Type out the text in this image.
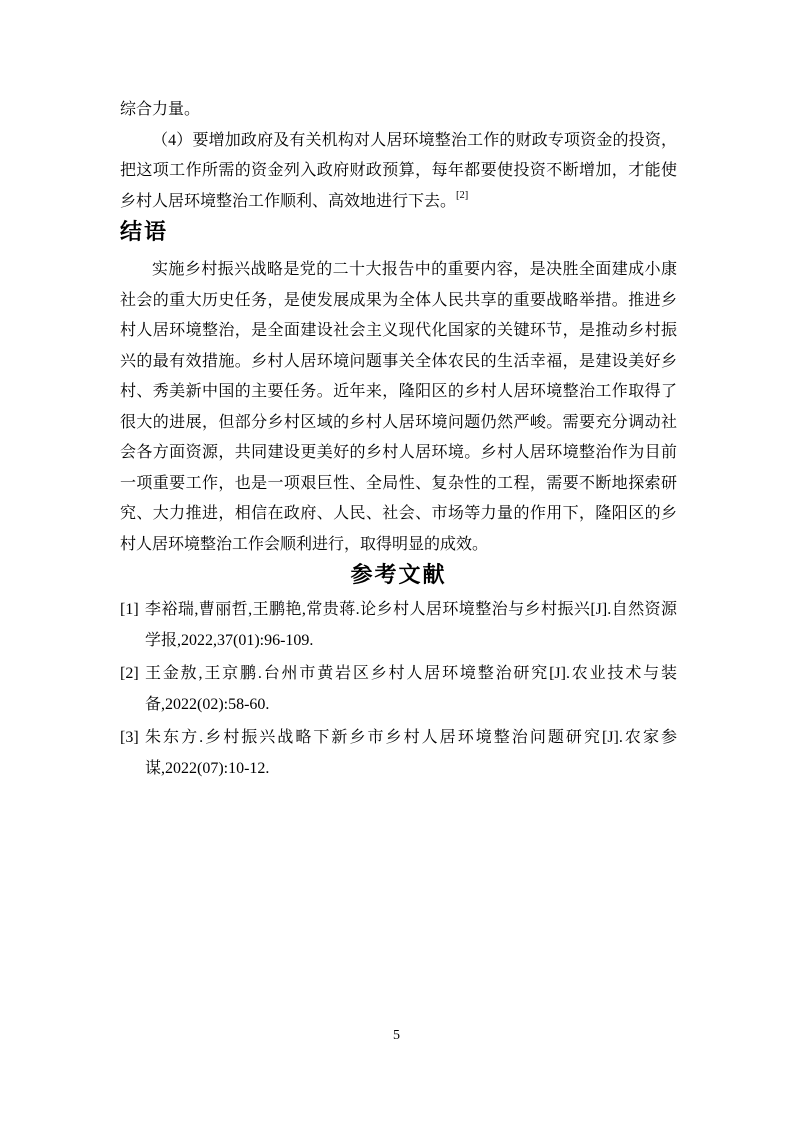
综合力量。

（4）要增加政府及有关机构对人居环境整治工作的财政专项资金的投资，把这项工作所需的资金列入政府财政预算，每年都要使投资不断增加，才能使乡村人居环境整治工作顺利、高效地进行下去。[2]

结语

实施乡村振兴战略是党的二十大报告中的重要内容，是决胜全面建成小康社会的重大历史任务，是使发展成果为全体人民共享的重要战略举措。推进乡村人居环境整治，是全面建设社会主义现代化国家的关键环节，是推动乡村振兴的最有效措施。乡村人居环境问题事关全体农民的生活幸福，是建设美好乡村、秀美新中国的主要任务。近年来，隆阳区的乡村人居环境整治工作取得了很大的进展，但部分乡村区域的乡村人居环境问题仍然严峻。需要充分调动社会各方面资源，共同建设更美好的乡村人居环境。乡村人居环境整治作为目前一项重要工作，也是一项艰巨性、全局性、复杂性的工程，需要不断地探索研究、大力推进，相信在政府、人民、社会、市场等力量的作用下，隆阳区的乡村人居环境整治工作会顺利进行，取得明显的成效。

参考文献

[1] 李裕瑞,曹丽哲,王鹏艳,常贵蒋.论乡村人居环境整治与乡村振兴[J].自然资源学报,2022,37(01):96-109.

[2] 王金敖,王京鹏.台州市黄岩区乡村人居环境整治研究[J].农业技术与装备,2022(02):58-60.

[3] 朱东方.乡村振兴战略下新乡市乡村人居环境整治问题研究[J].农家参谋,2022(07):10-12.

5
